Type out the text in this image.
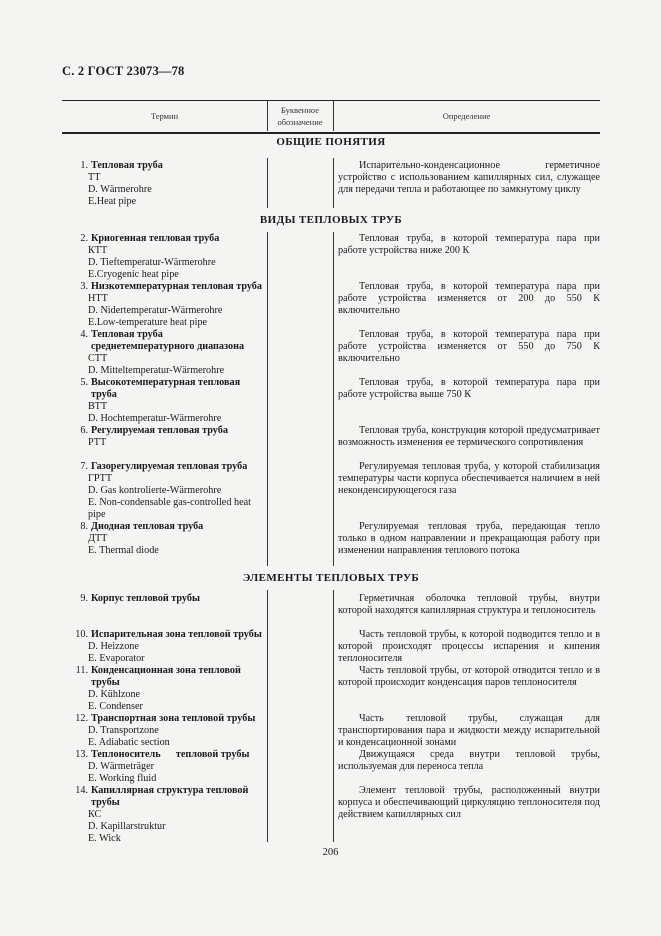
С. 2 ГОСТ 23073—78
Термин
Буквенное
обозначение
Определение
ОБЩИЕ ПОНЯТИЯ
ВИДЫ ТЕПЛОВЫХ ТРУБ
ЭЛЕМЕНТЫ ТЕПЛОВЫХ ТРУБ
1. Тепловая труба
ТТ
D. Wärmerohre
E.Heat pipe
Испарительно-конденсационное герметичное устройство с использованием капиллярных сил, служащее для передачи тепла и работающее по замкнутому циклу
2. Криогенная тепловая труба
КТТ
D. Tieftemperatur-Wärmerohre
E.Cryogenic heat pipe
Тепловая труба, в которой температура пара при работе устройства ниже 200 К
3. Низкотемпературная тепловая труба
НТТ
D. Nidertemperatur-Wärmerohre
E.Low-temperature heat pipe
Тепловая труба, в которой температура пара при работе устройства изменяется от 200 до 550 К включительно
4. Тепловая труба среднетемпературного диапазона
СТТ
D. Mitteltemperatur-Wärmerohre
Тепловая труба, в которой температура пара при работе устройства изменяется от 550 до 750 К включительно
5. Высокотемпературная тепловая труба
ВТТ
D. Hochtemperatur-Wärmerohre
Тепловая труба, в которой температура пара при работе устройства выше 750 К
6. Регулируемая тепловая труба
РТТ
Тепловая труба, конструкция которой предусматривает возможность изменения ее термического сопротивления
7. Газорегулируемая тепловая труба
ГРТТ
D. Gas kontrolierte-Wärmerohre
E. Non-condensable gas-controlled heat pipe
Регулируемая тепловая труба, у которой стабилизация температуры части корпуса обеспечивается наличием в ней неконденсирующегося газа
8. Диодная тепловая труба
ДТТ
E. Thermal diode
Регулируемая тепловая труба, передающая тепло только в одном направлении и прекращающая работу при изменении направления теплового потока
9. Корпус тепловой трубы	Герметичная оболочка тепловой трубы, внутри которой находятся капиллярная структура и теплоноситель
10. Испарительная зона тепловой трубы
D. Heizzone
E. Evaporator
Часть тепловой трубы, к которой подводится тепло и в которой происходят процессы испарения и кипения теплоносителя
11. Конденсационная зона тепловой трубы
D. Kühlzone
E. Condenser
Часть тепловой трубы, от которой отводится тепло и в которой происходит конденсация паров теплоносителя
12. Транспортная зона тепловой трубы
D. Transportzone
E. Adiabatic section
Часть тепловой трубы, служащая для транспортирования пара и жидкости между испарительной и конденсационной зонами
13. Теплоноситель      тепловой трубы
D. Wärmeträger
E. Working fluid
Движущаяся среда внутри тепловой трубы, используемая для переноса тепла
14. Капиллярная структура тепловой трубы
КС
D. Kapillarstruktur
E. Wick
Элемент тепловой трубы, расположенный внутри корпуса и обеспечивающий циркуляцию теплоносителя под действием капиллярных сил
206
